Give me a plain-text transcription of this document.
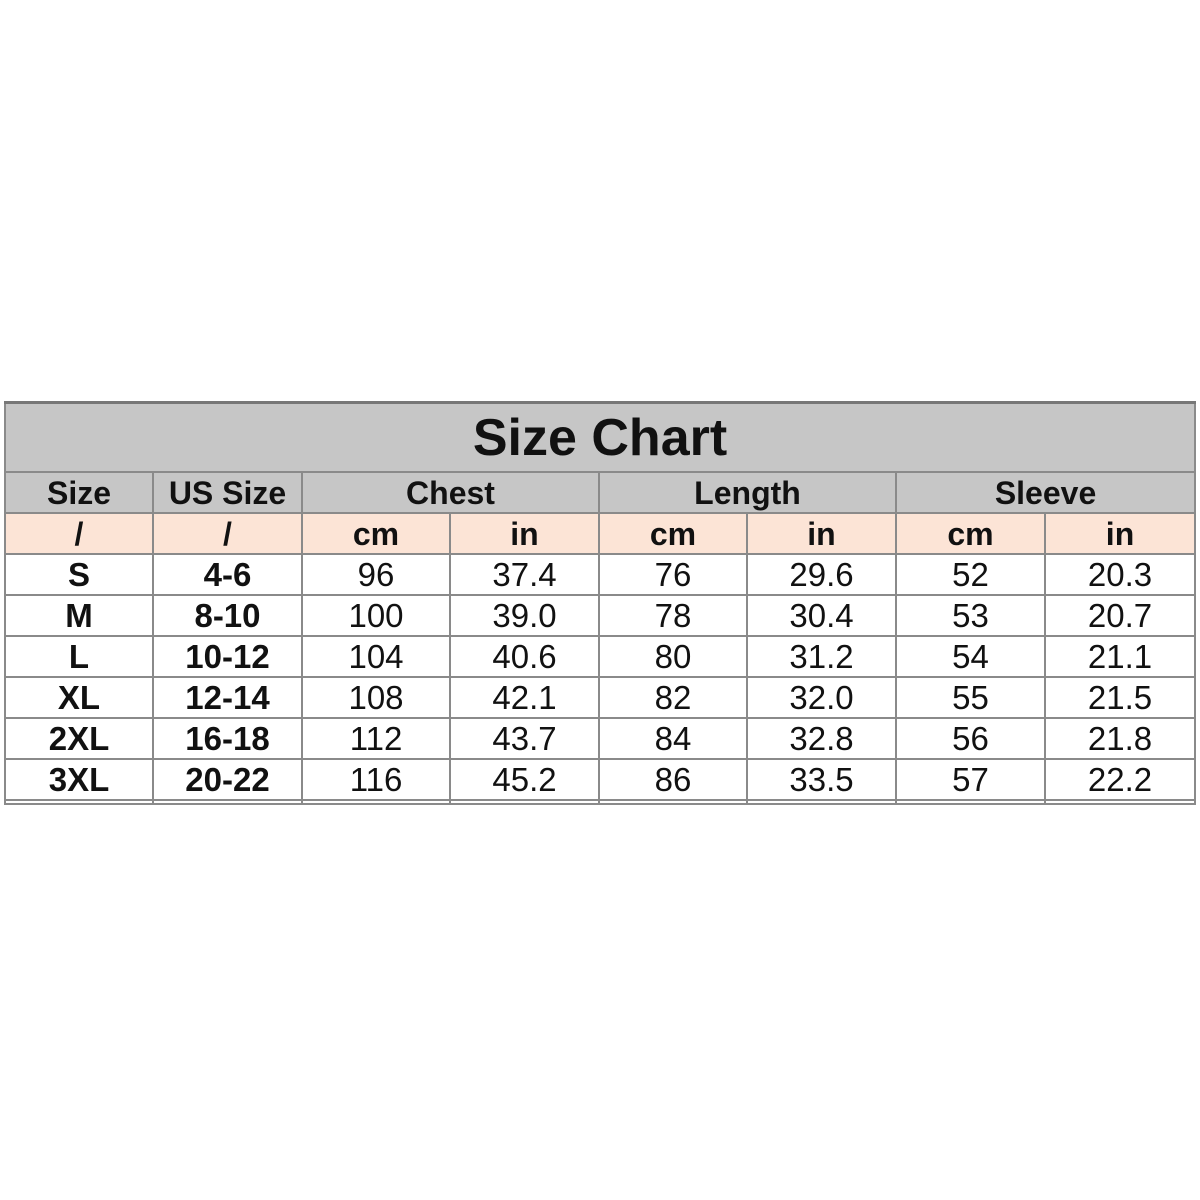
Size Chart							
Size	US Size	Chest		Length		Sleeve	
/	/	cm	in	cm	in	cm	in
S	4-6	96	37.4	76	29.6	52	20.3
M	8-10	100	39.0	78	30.4	53	20.7
L	10-12	104	40.6	80	31.2	54	21.1
XL	12-14	108	42.1	82	32.0	55	21.5
2XL	16-18	112	43.7	84	32.8	56	21.8
3XL	20-22	116	45.2	86	33.5	57	22.2
